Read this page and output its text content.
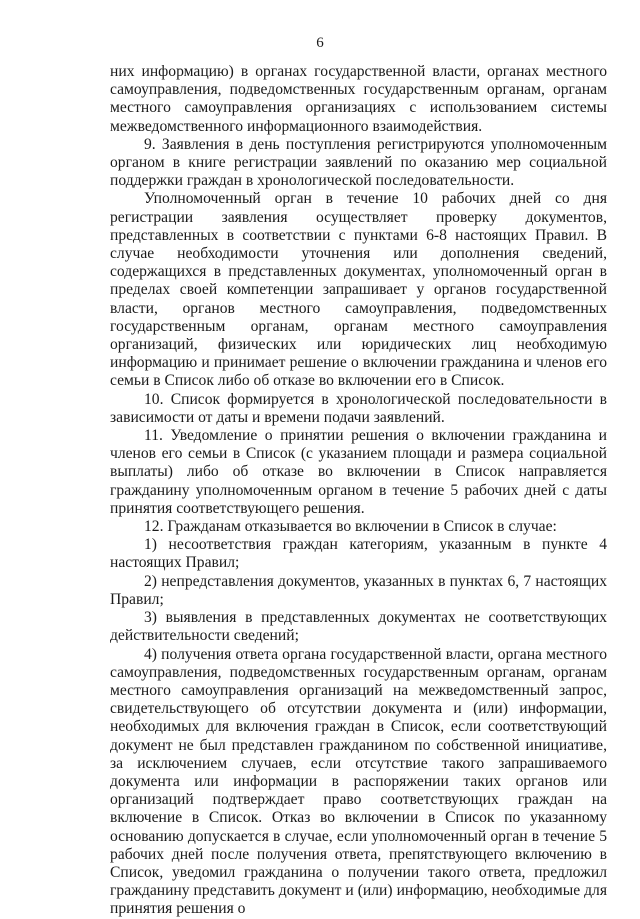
6

них информацию) в органах государственной власти, органах местного самоуправления, подведомственных государственным органам, органам местного самоуправления организациях с использованием системы межведомственного информационного взаимодействия.

9. Заявления в день поступления регистрируются уполномоченным органом в книге регистрации заявлений по оказанию мер социальной поддержки граждан в хронологической последовательности.

Уполномоченный орган в течение 10 рабочих дней со дня регистрации заявления осуществляет проверку документов, представленных в соответствии с пунктами 6-8 настоящих Правил. В случае необходимости уточнения или дополнения сведений, содержащихся в представленных документах, уполномоченный орган в пределах своей компетенции запрашивает у органов государственной власти, органов местного самоуправления, подведомственных государственным органам, органам местного самоуправления организаций, физических или юридических лиц необходимую информацию и принимает решение о включении гражданина и членов его семьи в Список либо об отказе во включении его в Список.

10. Список формируется в хронологической последовательности в зависимости от даты и времени подачи заявлений.

11. Уведомление о принятии решения о включении гражданина и членов его семьи в Список (с указанием площади и размера социальной выплаты) либо об отказе во включении в Список направляется гражданину уполномоченным органом в течение 5 рабочих дней с даты принятия соответствующего решения.

12. Гражданам отказывается во включении в Список в случае:

1) несоответствия граждан категориям, указанным в пункте 4 настоящих Правил;

2) непредставления документов, указанных в пунктах 6, 7 настоящих Правил;

3) выявления в представленных документах не соответствующих действительности сведений;

4) получения ответа органа государственной власти, органа местного самоуправления, подведомственных государственным органам, органам местного самоуправления организаций на межведомственный запрос, свидетельствующего об отсутствии документа и (или) информации, необходимых для включения граждан в Список, если соответствующий документ не был представлен гражданином по собственной инициативе, за исключением случаев, если отсутствие такого запрашиваемого документа или информации в распоряжении таких органов или организаций подтверждает право соответствующих граждан на включение в Список. Отказ во включении в Список по указанному основанию допускается в случае, если уполномоченный орган в течение 5 рабочих дней после получения ответа, препятствующего включению в Список, уведомил гражданина о получении такого ответа, предложил гражданину представить документ и (или) информацию, необходимые для принятия решения о
